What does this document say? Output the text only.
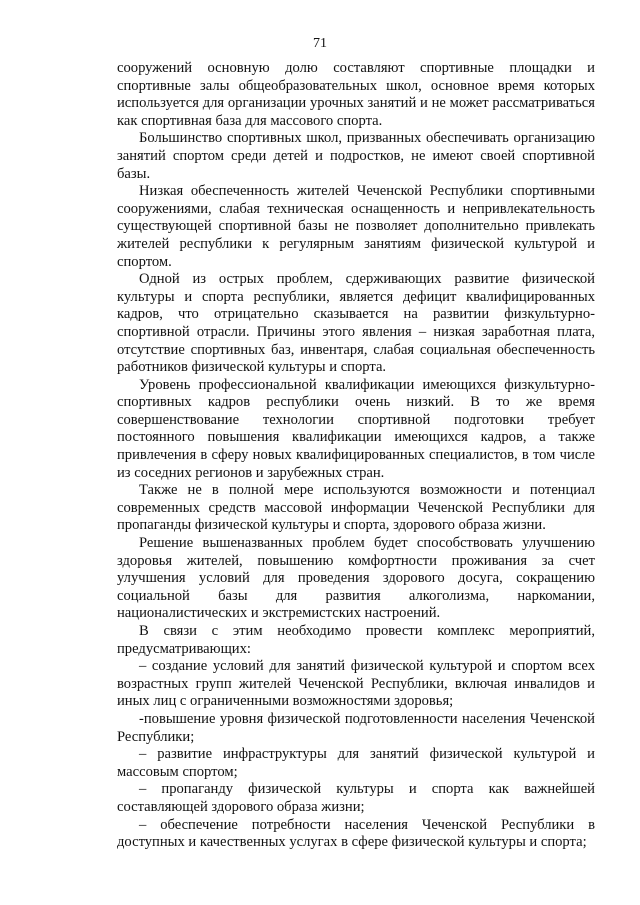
71

сооружений основную долю составляют спортивные площадки и спортивные залы общеобразовательных школ, основное время которых используется для организации урочных занятий и не может рассматриваться как спортивная база для массового спорта.

Большинство спортивных школ, призванных обеспечивать организацию занятий спортом среди детей и подростков, не имеют своей спортивной базы.

Низкая обеспеченность жителей Чеченской Республики спортивными сооружениями, слабая техническая оснащенность и непривлекательность существующей спортивной базы не позволяет дополнительно привлекать жителей республики к регулярным занятиям физической культурой и спортом.

Одной из острых проблем, сдерживающих развитие физической культуры и спорта республики, является дефицит квалифицированных кадров, что отрицательно сказывается на развитии физкультурно-спортивной отрасли. Причины этого явления – низкая заработная плата, отсутствие спортивных баз, инвентаря, слабая социальная обеспеченность работников физической культуры и спорта.

Уровень профессиональной квалификации имеющихся физкультурно-спортивных кадров республики очень низкий. В то же время совершенствование технологии спортивной подготовки требует постоянного повышения квалификации имеющихся кадров, а также привлечения в сферу новых квалифицированных специалистов, в том числе из соседних регионов и зарубежных стран.

Также не в полной мере используются возможности и потенциал современных средств массовой информации Чеченской Республики для пропаганды физической культуры и спорта, здорового образа жизни.

Решение вышеназванных проблем будет способствовать улучшению здоровья жителей, повышению комфортности проживания за счет улучшения условий для проведения здорового досуга, сокращению социальной базы для развития алкоголизма, наркомании, националистических и экстремистских настроений.

В связи с этим необходимо провести комплекс мероприятий, предусматривающих:

– создание условий для занятий физической культурой и спортом всех возрастных групп жителей Чеченской Республики, включая инвалидов и иных лиц с ограниченными возможностями здоровья;

-повышение уровня физической подготовленности населения Чеченской Республики;

– развитие инфраструктуры для занятий физической культурой и массовым спортом;

– пропаганду физической культуры и спорта как важнейшей составляющей здорового образа жизни;

– обеспечение потребности населения Чеченской Республики в доступных и качественных услугах в сфере физической культуры и спорта;
